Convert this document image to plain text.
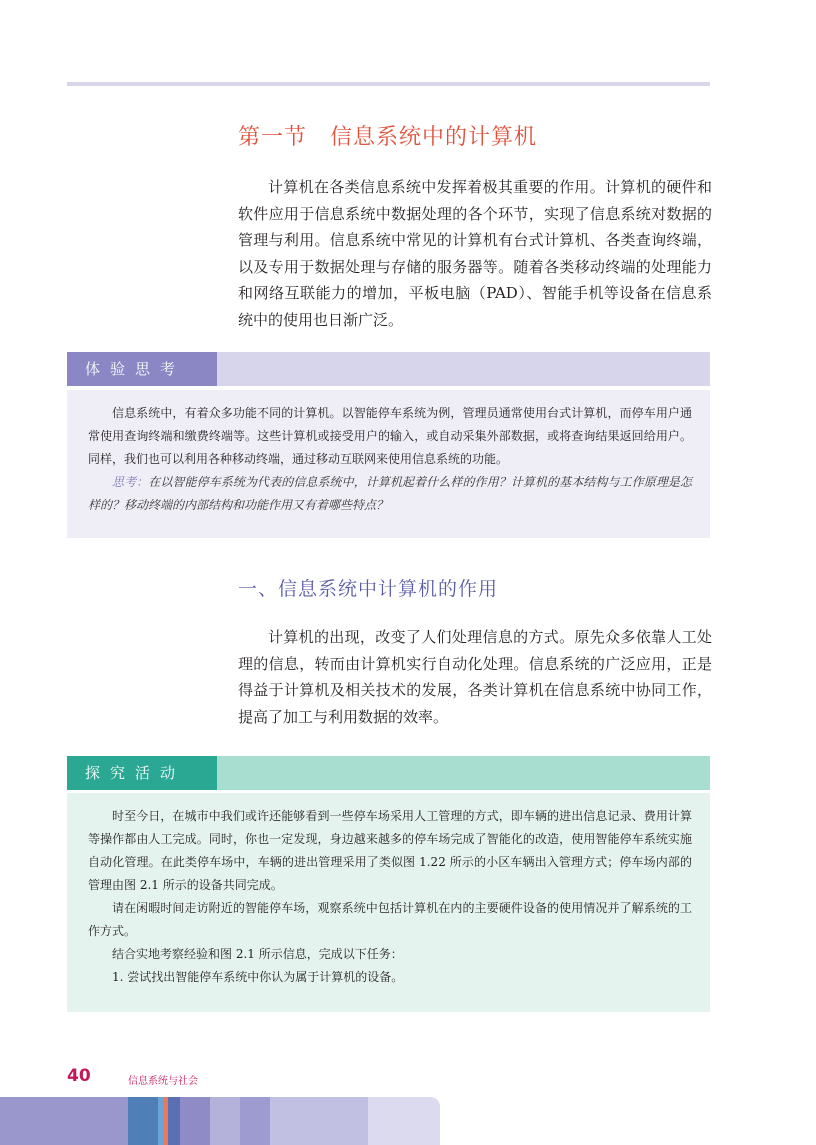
第一节　信息系统中的计算机

计算机在各类信息系统中发挥着极其重要的作用。计算机的硬件和软件应用于信息系统中数据处理的各个环节，实现了信息系统对数据的管理与利用。信息系统中常见的计算机有台式计算机、各类查询终端，以及专用于数据处理与存储的服务器等。随着各类移动终端的处理能力和网络互联能力的增加，平板电脑（PAD）、智能手机等设备在信息系统中的使用也日渐广泛。

体验思考

信息系统中，有着众多功能不同的计算机。以智能停车系统为例，管理员通常使用台式计算机，而停车用户通常使用查询终端和缴费终端等。这些计算机或接受用户的输入，或自动采集外部数据，或将查询结果返回给用户。同样，我们也可以利用各种移动终端，通过移动互联网来使用信息系统的功能。

思考：在以智能停车系统为代表的信息系统中，计算机起着什么样的作用？计算机的基本结构与工作原理是怎样的？移动终端的内部结构和功能作用又有着哪些特点？

一、信息系统中计算机的作用

计算机的出现，改变了人们处理信息的方式。原先众多依靠人工处理的信息，转而由计算机实行自动化处理。信息系统的广泛应用，正是得益于计算机及相关技术的发展，各类计算机在信息系统中协同工作，提高了加工与利用数据的效率。

探究活动

时至今日，在城市中我们或许还能够看到一些停车场采用人工管理的方式，即车辆的进出信息记录、费用计算等操作都由人工完成。同时，你也一定发现，身边越来越多的停车场完成了智能化的改造，使用智能停车系统实施自动化管理。在此类停车场中，车辆的进出管理采用了类似图 1.22 所示的小区车辆出入管理方式；停车场内部的管理由图 2.1 所示的设备共同完成。

请在闲暇时间走访附近的智能停车场，观察系统中包括计算机在内的主要硬件设备的使用情况并了解系统的工作方式。

结合实地考察经验和图 2.1 所示信息，完成以下任务：

1. 尝试找出智能停车系统中你认为属于计算机的设备。

40	信息系统与社会
